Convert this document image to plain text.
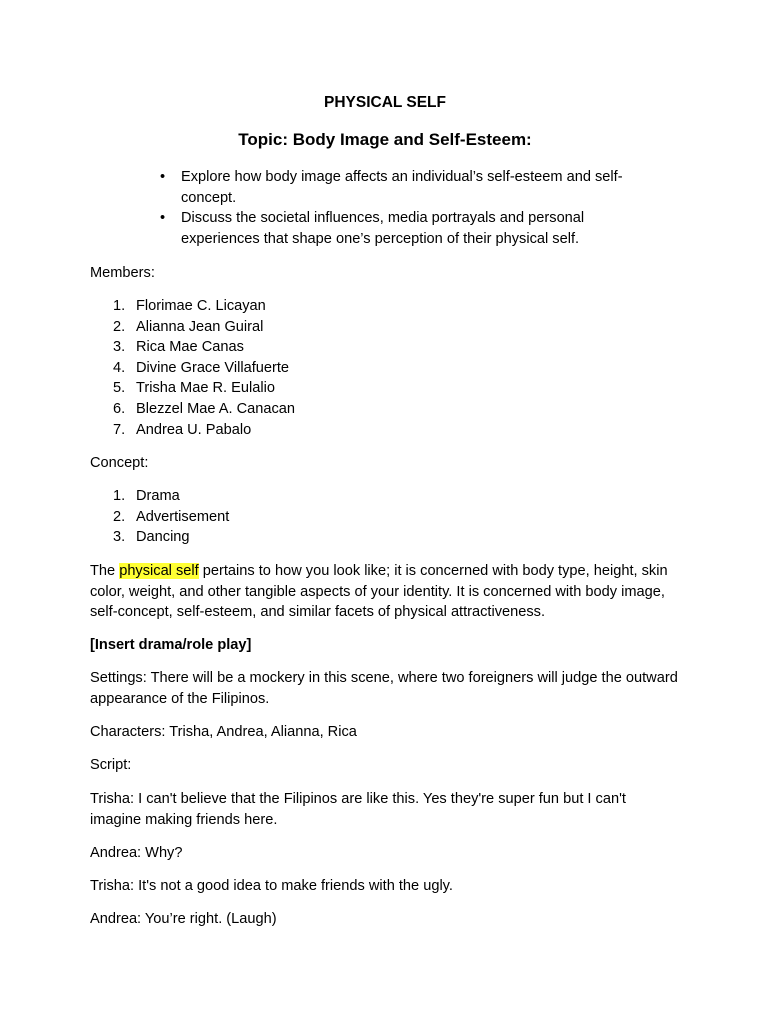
PHYSICAL SELF
Topic: Body Image and Self-Esteem:
• Explore how body image affects an individual’s self-esteem and self-concept.
• Discuss the societal influences, media portrayals and personal experiences that shape one’s perception of their physical self.

Members:

1. Florimae C. Licayan
2. Alianna Jean Guiral
3. Rica Mae Canas
4. Divine Grace Villafuerte
5. Trisha Mae R. Eulalio
6. Blezzel Mae A. Canacan
7. Andrea U. Pabalo

Concept:

1. Drama
2. Advertisement
3. Dancing

The physical self pertains to how you look like; it is concerned with body type, height, skin color, weight, and other tangible aspects of your identity. It is concerned with body image, self-concept, self-esteem, and similar facets of physical attractiveness.

[Insert drama/role play]

Settings: There will be a mockery in this scene, where two foreigners will judge the outward appearance of the Filipinos.

Characters: Trisha, Andrea, Alianna, Rica

Script:

Trisha: I can't believe that the Filipinos are like this. Yes they're super fun but I can't imagine making friends here.

Andrea: Why?

Trisha: It's not a good idea to make friends with the ugly.

Andrea: You’re right. (Laugh)
